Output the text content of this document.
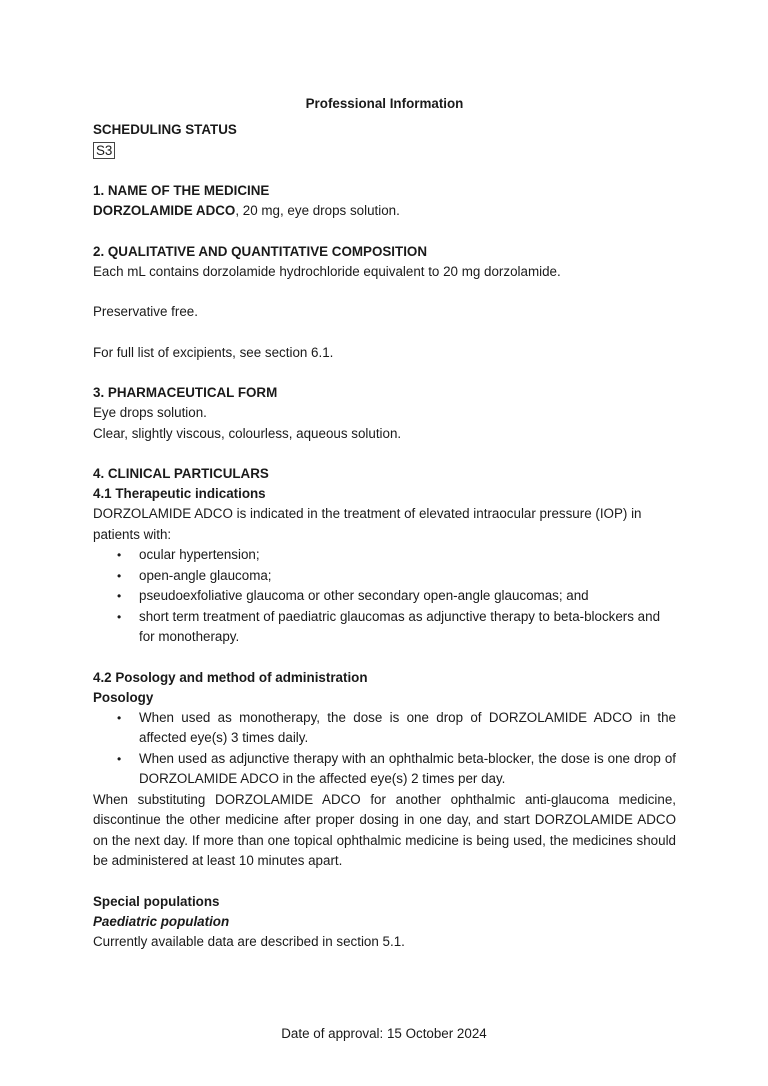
Professional Information
SCHEDULING STATUS
S3
1. NAME OF THE MEDICINE
DORZOLAMIDE ADCO, 20 mg, eye drops solution.
2. QUALITATIVE AND QUANTITATIVE COMPOSITION
Each mL contains dorzolamide hydrochloride equivalent to 20 mg dorzolamide.
Preservative free.
For full list of excipients, see section 6.1.
3. PHARMACEUTICAL FORM
Eye drops solution.
Clear, slightly viscous, colourless, aqueous solution.
4. CLINICAL PARTICULARS
4.1 Therapeutic indications
DORZOLAMIDE ADCO is indicated in the treatment of elevated intraocular pressure (IOP) in patients with:
• ocular hypertension;
• open-angle glaucoma;
• pseudoexfoliative glaucoma or other secondary open-angle glaucomas; and
• short term treatment of paediatric glaucomas as adjunctive therapy to beta-blockers and for monotherapy.
4.2 Posology and method of administration
Posology
• When used as monotherapy, the dose is one drop of DORZOLAMIDE ADCO in the affected eye(s) 3 times daily.
• When used as adjunctive therapy with an ophthalmic beta-blocker, the dose is one drop of DORZOLAMIDE ADCO in the affected eye(s) 2 times per day.
When substituting DORZOLAMIDE ADCO for another ophthalmic anti-glaucoma medicine, discontinue the other medicine after proper dosing in one day, and start DORZOLAMIDE ADCO on the next day. If more than one topical ophthalmic medicine is being used, the medicines should be administered at least 10 minutes apart.
Special populations
Paediatric population
Currently available data are described in section 5.1.
Date of approval: 15 October 2024
